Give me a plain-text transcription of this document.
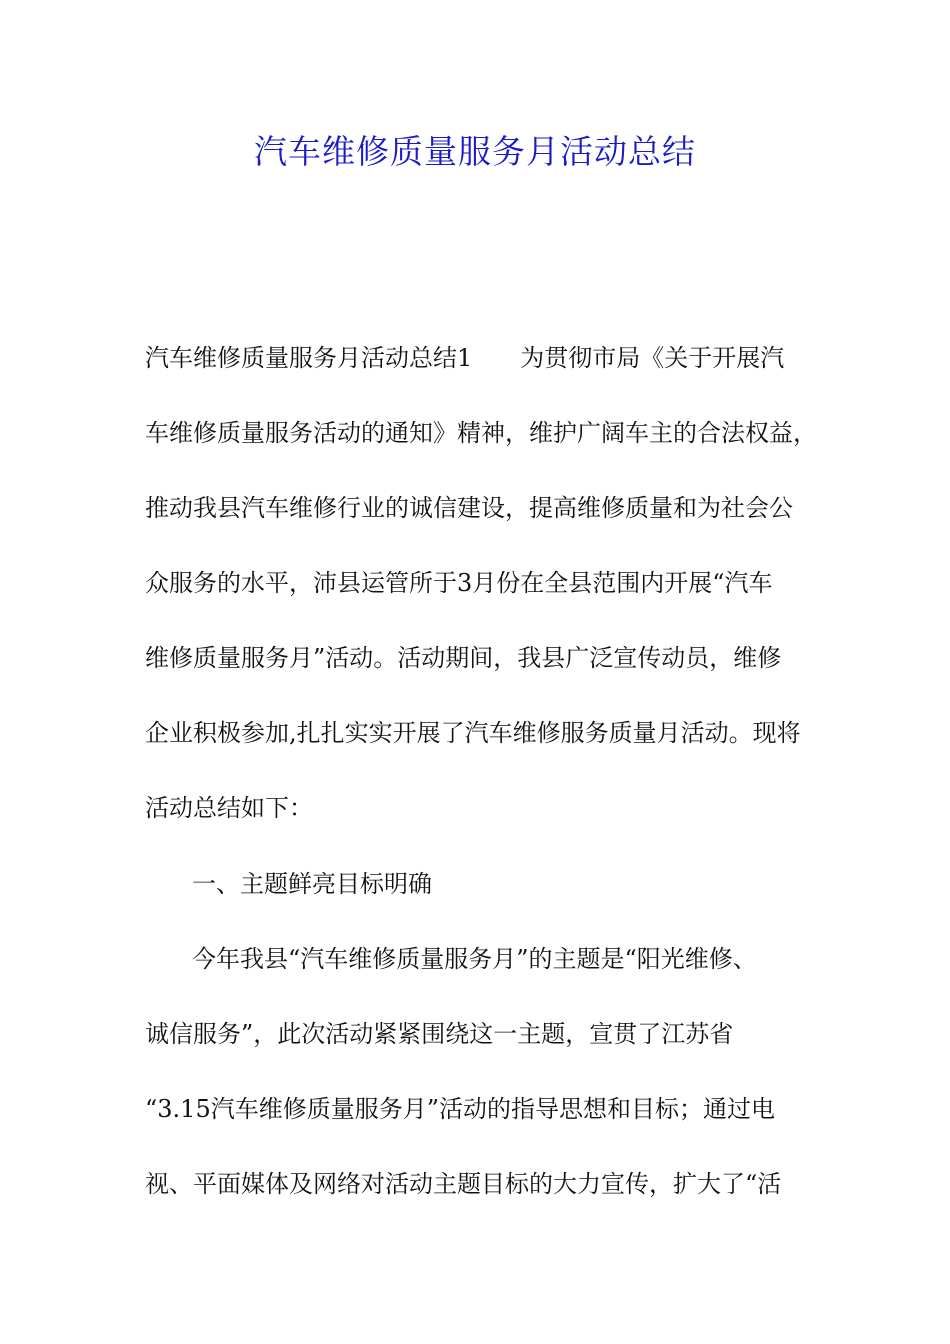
汽车维修质量服务月活动总结
汽车维修质量服务月活动总结1　　为贯彻市局《关于开展汽
车维修质量服务活动的通知》精神，维护广阔车主的合法权益，
推动我县汽车维修行业的诚信建设，提高维修质量和为社会公
众服务的水平，沛县运管所于3月份在全县范围内开展“汽车
维修质量服务月”活动。活动期间，我县广泛宣传动员，维修
企业积极参加,扎扎实实开展了汽车维修服务质量月活动。现将
活动总结如下：
一、主题鲜亮目标明确
今年我县“汽车维修质量服务月”的主题是“阳光维修、
诚信服务”，此次活动紧紧围绕这一主题，宣贯了江苏省
“3.15汽车维修质量服务月”活动的指导思想和目标；通过电
视、平面媒体及网络对活动主题目标的大力宣传，扩大了“活
